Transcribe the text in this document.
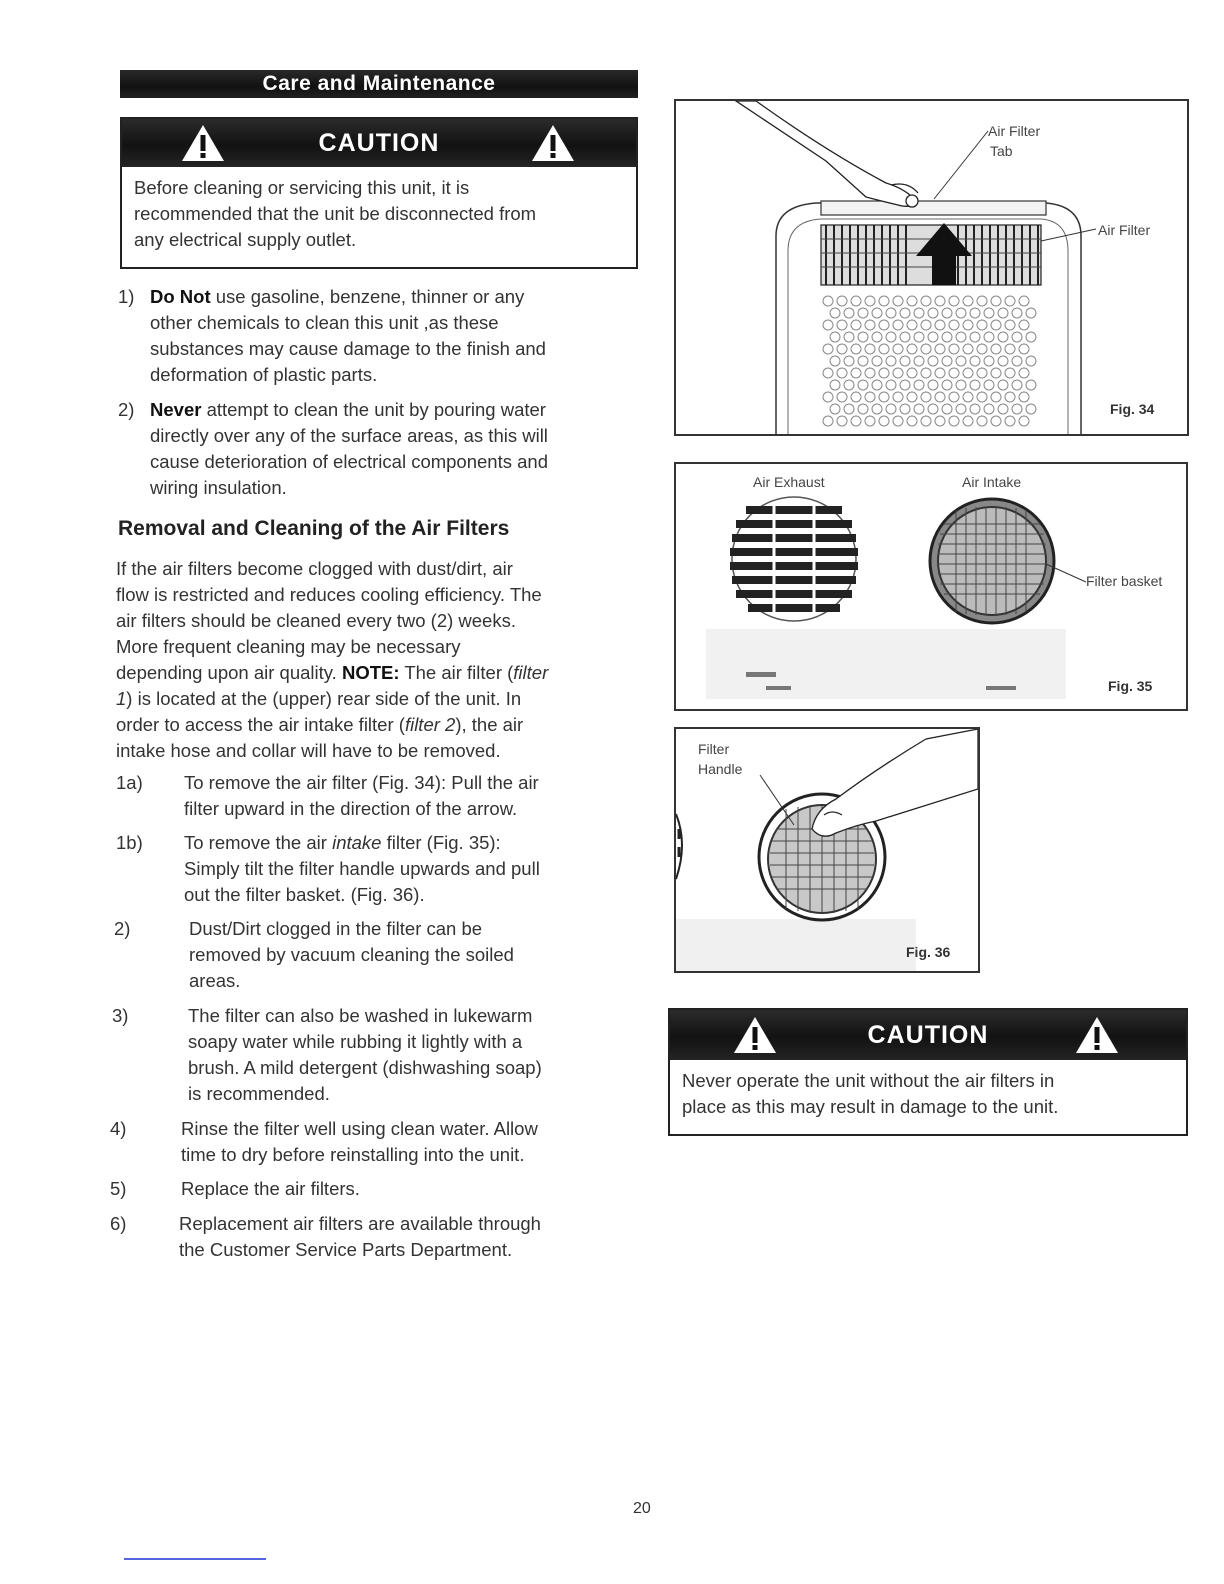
Care and Maintenance
CAUTION
Before cleaning or servicing this unit, it is
recommended that the unit be disconnected from
any electrical supply outlet.
1) Do Not use gasoline, benzene, thinner or any
other chemicals to clean this unit ,as these
substances may cause damage to the finish and
deformation of plastic parts.
2) Never attempt to clean the unit by pouring water
directly over any of the surface areas, as this will
cause deterioration of electrical components and
wiring insulation.
Removal and Cleaning of the Air Filters
If the air filters become clogged with dust/dirt, air
flow is restricted and reduces cooling efficiency. The
air filters should be cleaned every two (2) weeks.
More frequent cleaning may be necessary
depending upon air quality. NOTE: The air filter (filter
1) is located at the (upper) rear side of the unit. In
order to access the air intake filter (filter 2), the air
intake hose and collar will have to be removed.
1a) To remove the air filter (Fig. 34): Pull the air
filter upward in the direction of the arrow.
1b) To remove the air intake filter (Fig. 35):
Simply tilt the filter handle upwards and pull
out the filter basket. (Fig. 36).
2)	Dust/Dirt clogged in the filter can be
removed by vacuum cleaning the soiled
areas.
3)	The filter can also be washed in lukewarm
soapy water while rubbing it lightly with a
brush. A mild detergent (dishwashing soap)
is recommended.
4)	Rinse the filter well using clean water. Allow
time to dry before reinstalling into the unit.
5)	Replace the air filters.
6)	Replacement air filters are available through
the Customer Service Parts Department.
Air Filter
Tab
Air Filter
Fig. 34
Air Exhaust	Air Intake
Filter basket
Fig. 35
Filter
Handle
Fig. 36
CAUTION
Never operate the unit without the air filters in
place as this may result in damage to the unit.
20
